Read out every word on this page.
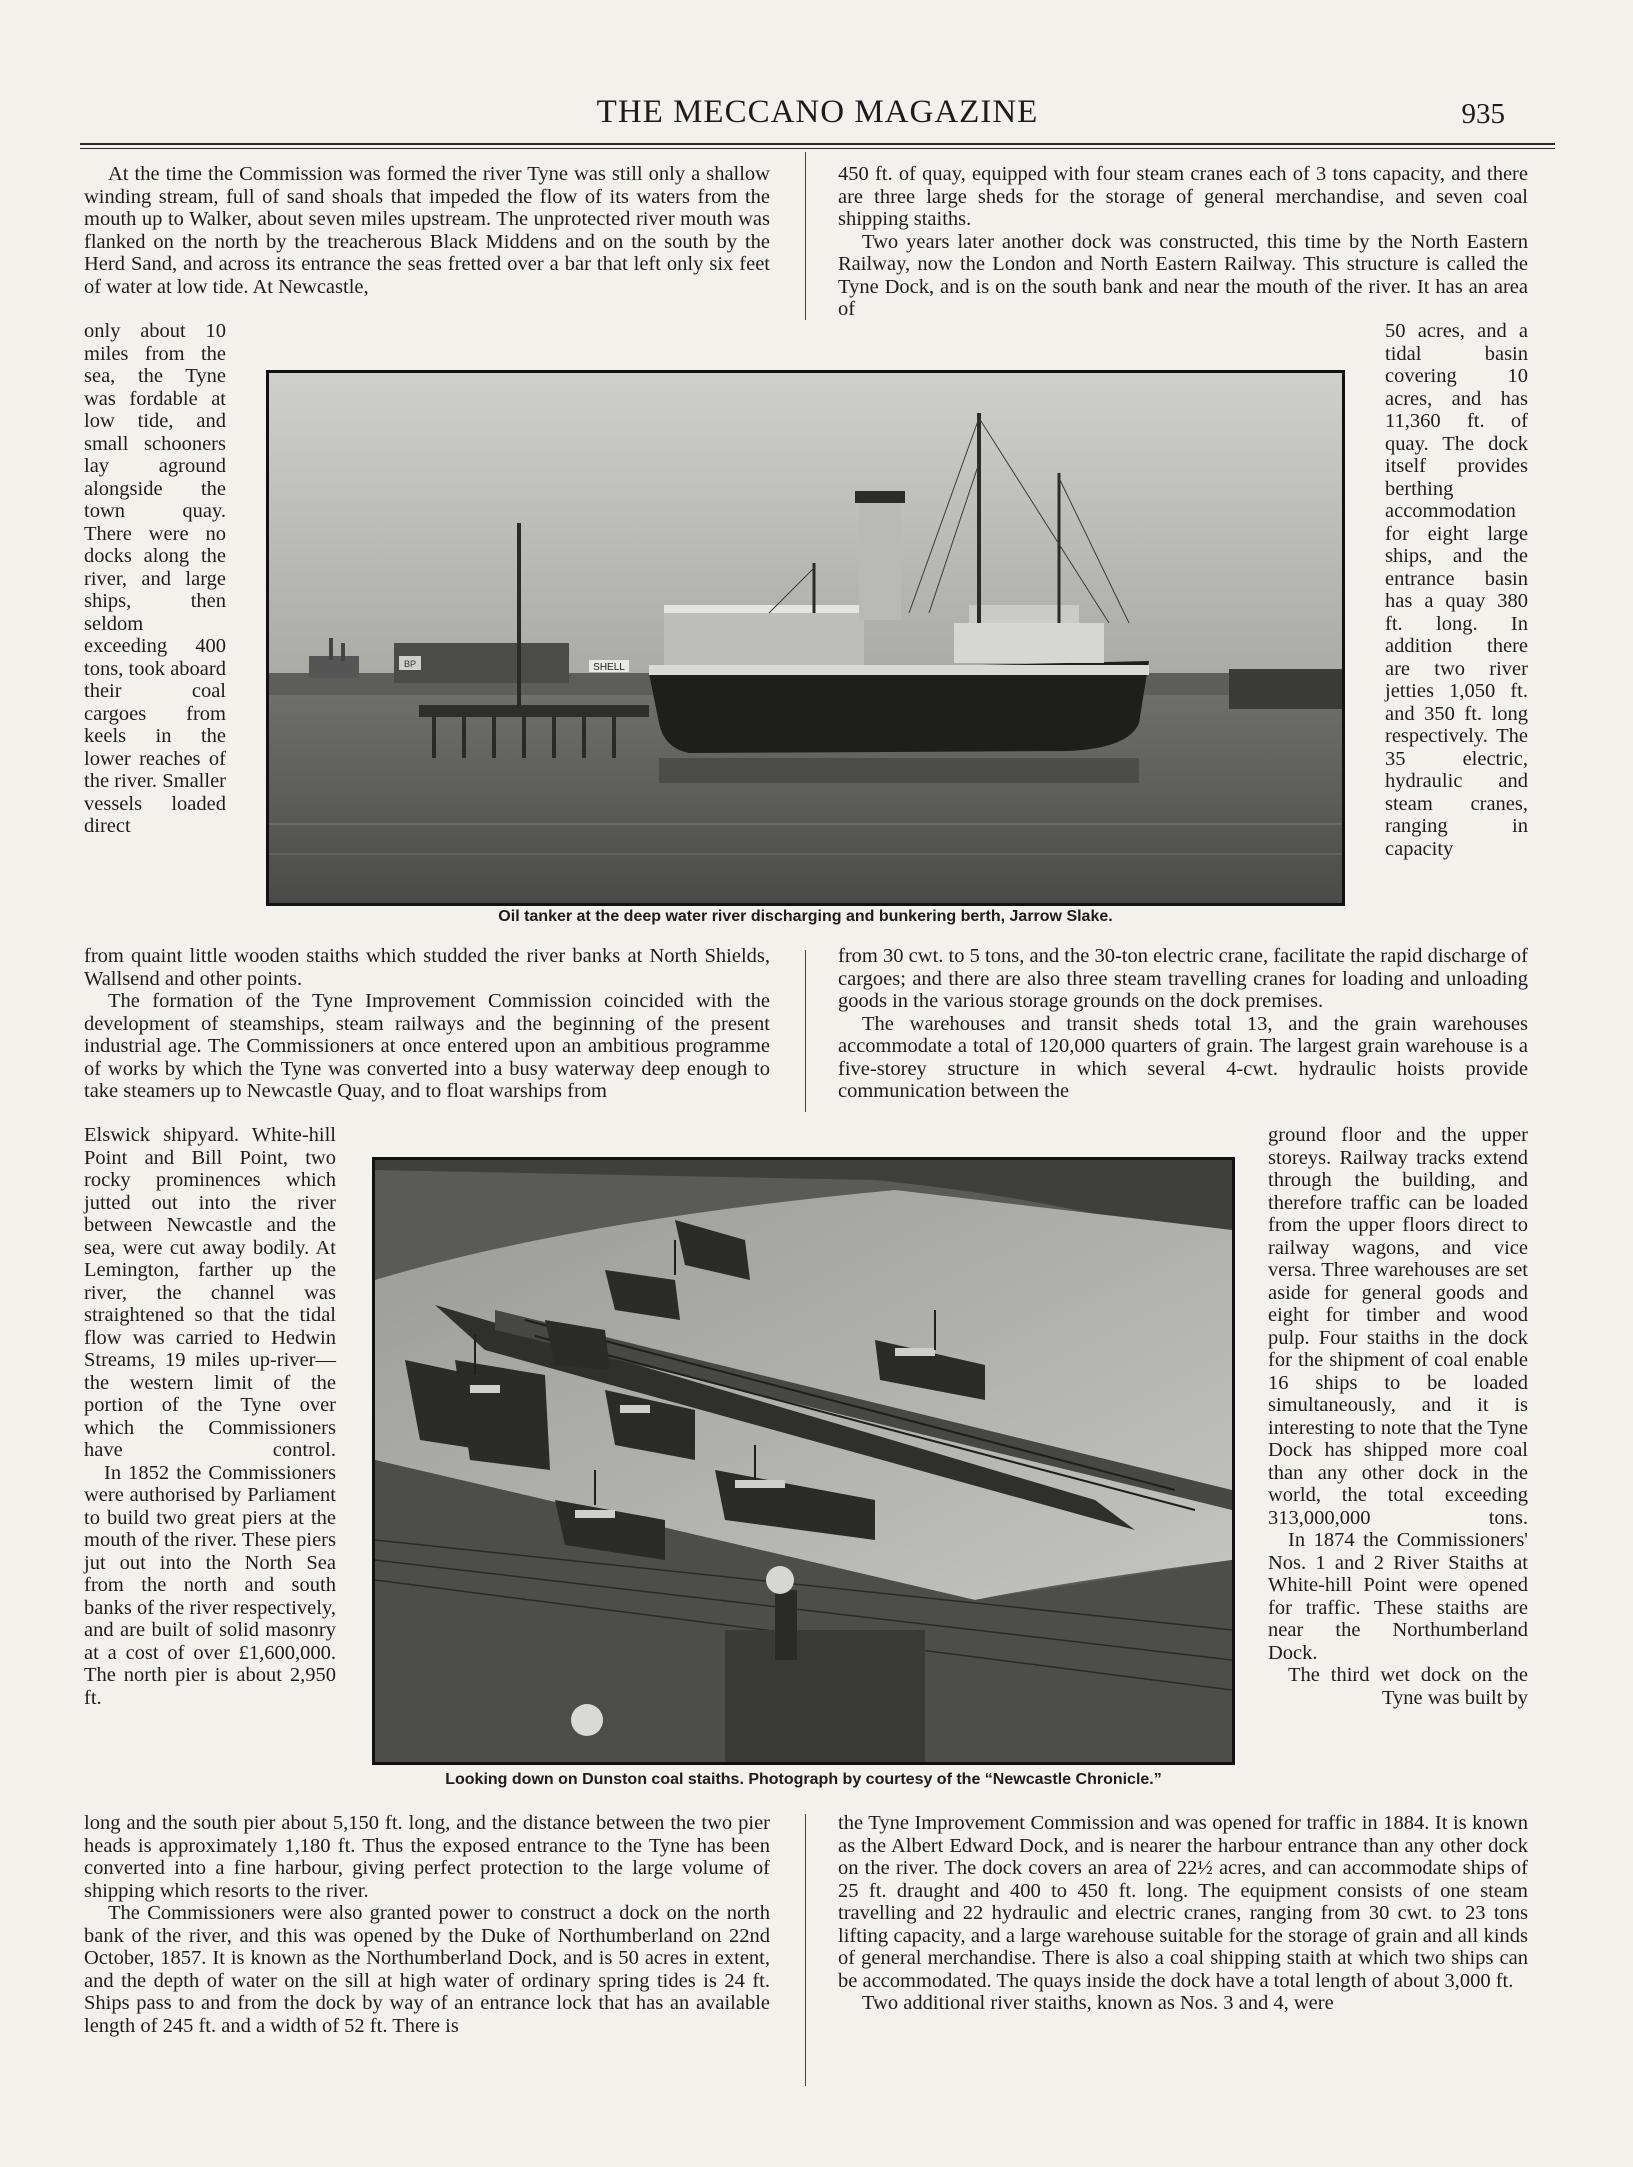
THE MECCANO MAGAZINE	935

At the time the Commission was formed the river Tyne was still only a shallow winding stream, full of sand shoals that impeded the flow of its waters from the mouth up to Walker, about seven miles upstream. The unprotected river mouth was flanked on the north by the treacherous Black Middens and on the south by the Herd Sand, and across its entrance the seas fretted over a bar that left only six feet of water at low tide. At Newcastle,

only about 10 miles from the sea, the Tyne was fordable at low tide, and small schooners lay aground alongside the town quay. There were no docks along the river, and large ships, then seldom exceeding 400 tons, took aboard their coal cargoes from keels in the lower reaches of the river. Smaller vessels loaded direct

from quaint little wooden staiths which studded the river banks at North Shields, Wallsend and other points.

The formation of the Tyne Improvement Commission coincided with the development of steamships, steam railways and the beginning of the present industrial age. The Commissioners at once entered upon an ambitious programme of works by which the Tyne was converted into a busy waterway deep enough to take steamers up to Newcastle Quay, and to float warships from

Elswick shipyard. White-hill Point and Bill Point, two rocky prominences which jutted out into the river between Newcastle and the sea, were cut away bodily. At Lemington, farther up the river, the channel was straightened so that the tidal flow was carried to Hedwin Streams, 19 miles up-river—the western limit of the portion of the Tyne over which the Commissioners have control.

In 1852 the Commissioners were authorised by Parliament to build two great piers at the mouth of the river. These piers jut out into the North Sea from the north and south banks of the river respectively, and are built of solid masonry at a cost of over £1,600,000. The north pier is about 2,950 ft.

long and the south pier about 5,150 ft. long, and the distance between the two pier heads is approximately 1,180 ft. Thus the exposed entrance to the Tyne has been converted into a fine harbour, giving perfect protection to the large volume of shipping which resorts to the river.

The Commissioners were also granted power to construct a dock on the north bank of the river, and this was opened by the Duke of Northumberland on 22nd October, 1857. It is known as the Northumberland Dock, and is 50 acres in extent, and the depth of water on the sill at high water of ordinary spring tides is 24 ft. Ships pass to and from the dock by way of an entrance lock that has an available length of 245 ft. and a width of 52 ft. There is

450 ft. of quay, equipped with four steam cranes each of 3 tons capacity, and there are three large sheds for the storage of general merchandise, and seven coal shipping staiths.

Two years later another dock was constructed, this time by the North Eastern Railway, now the London and North Eastern Railway. This structure is called the Tyne Dock, and is on the south bank and near the mouth of the river. It has an area of

50 acres, and a tidal basin covering 10 acres, and has 11,360 ft. of quay. The dock itself provides berthing accommodation for eight large ships, and the entrance basin has a quay 380 ft. long. In addition there are two river jetties 1,050 ft. and 350 ft. long respectively. The 35 electric, hydraulic and steam cranes, ranging in capacity

from 30 cwt. to 5 tons, and the 30-ton electric crane, facilitate the rapid discharge of cargoes; and there are also three steam travelling cranes for loading and unloading goods in the various storage grounds on the dock premises.

The warehouses and transit sheds total 13, and the grain warehouses accommodate a total of 120,000 quarters of grain. The largest grain warehouse is a five-storey structure in which several 4-cwt. hydraulic hoists provide communication between the

ground floor and the upper storeys. Railway tracks extend through the building, and therefore traffic can be loaded from the upper floors direct to railway wagons, and vice versa. Three warehouses are set aside for general goods and eight for timber and wood pulp. Four staiths in the dock for the shipment of coal enable 16 ships to be loaded simultaneously, and it is interesting to note that the Tyne Dock has shipped more coal than any other dock in the world, the total exceeding 313,000,000 tons.

In 1874 the Commissioners' Nos. 1 and 2 River Staiths at White-hill Point were opened for traffic. These staiths are near the Northumberland Dock.

The third wet dock on the Tyne was built by

the Tyne Improvement Commission and was opened for traffic in 1884. It is known as the Albert Edward Dock, and is nearer the harbour entrance than any other dock on the river. The dock covers an area of 22½ acres, and can accommodate ships of 25 ft. draught and 400 to 450 ft. long. The equipment consists of one steam travelling and 22 hydraulic and electric cranes, ranging from 30 cwt. to 23 tons lifting capacity, and a large warehouse suitable for the storage of grain and all kinds of general merchandise. There is also a coal shipping staith at which two ships can be accommodated. The quays inside the dock have a total length of about 3,000 ft.

Two additional river staiths, known as Nos. 3 and 4, were

BP	SHELL
Oil tanker at the deep water river discharging and bunkering berth, Jarrow Slake.
Looking down on Dunston coal staiths. Photograph by courtesy of the “Newcastle Chronicle.”
